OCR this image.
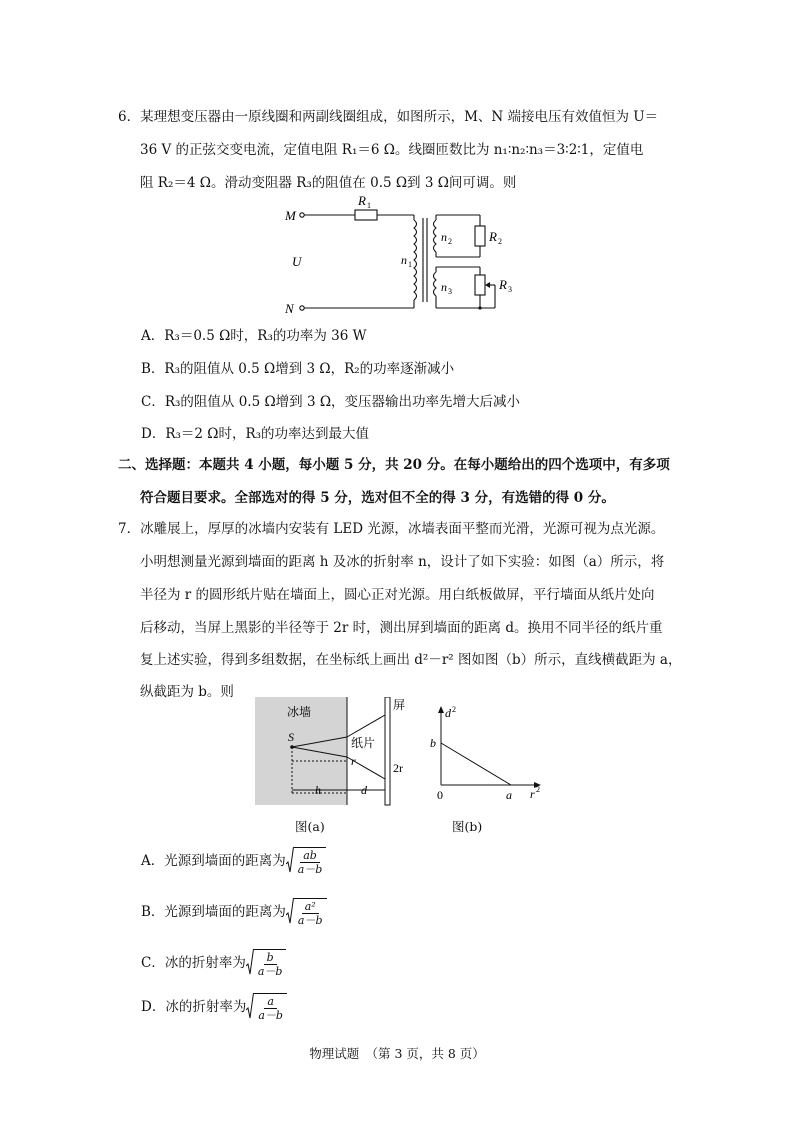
6．某理想变压器由一原线圈和两副线圈组成，如图所示，M、N 端接电压有效值恒为 U＝
36 V 的正弦交变电流，定值电阻 R₁＝6 Ω。线圈匝数比为 n₁∶n₂∶n₃＝3∶2∶1，定值电
阻 R₂＝4 Ω。滑动变阻器 R₃的阻值在 0.5 Ω到 3 Ω间可调。则
M
N
U
R 1
n 1
n 2
n 3
R 2
R 3
A．R₃＝0.5 Ω时，R₃的功率为 36 W
B．R₃的阻值从 0.5 Ω增到 3 Ω，R₂的功率逐渐减小
C．R₃的阻值从 0.5 Ω增到 3 Ω，变压器输出功率先增大后减小
D．R₃＝2 Ω时，R₃的功率达到最大值
二、选择题：本题共 4 小题，每小题 5 分，共 20 分。在每小题给出的四个选项中，有多项
符合题目要求。全部选对的得 5 分，选对但不全的得 3 分，有选错的得 0 分。
7．冰雕展上，厚厚的冰墙内安装有 LED 光源，冰墙表面平整而光滑，光源可视为点光源。
小明想测量光源到墙面的距离 h 及冰的折射率 n，设计了如下实验：如图（a）所示，将
半径为 r 的圆形纸片贴在墙面上，圆心正对光源。用白纸板做屏，平行墙面从纸片处向
后移动，当屏上黑影的半径等于 2r 时，测出屏到墙面的距离 d。换用不同半径的纸片重
复上述实验，得到多组数据，在坐标纸上画出 d²－r² 图如图（b）所示，直线横截距为 a，
纵截距为 b。则
冰墙	屏
S	纸片
r	2r
h	d
图(a)
d 2
b
0	a r 2
图(b)
A．光源到墙面的距离为 $\frac{ab}{a-b}$
B．光源到墙面的距离为 $\frac{\text{a²}}{a-b}$
C．冰的折射率为 $\frac{b}{a-b}$
D．冰的折射率为 $\frac{a}{a-b}$
物理试题　（第 3 页，共 8 页）
